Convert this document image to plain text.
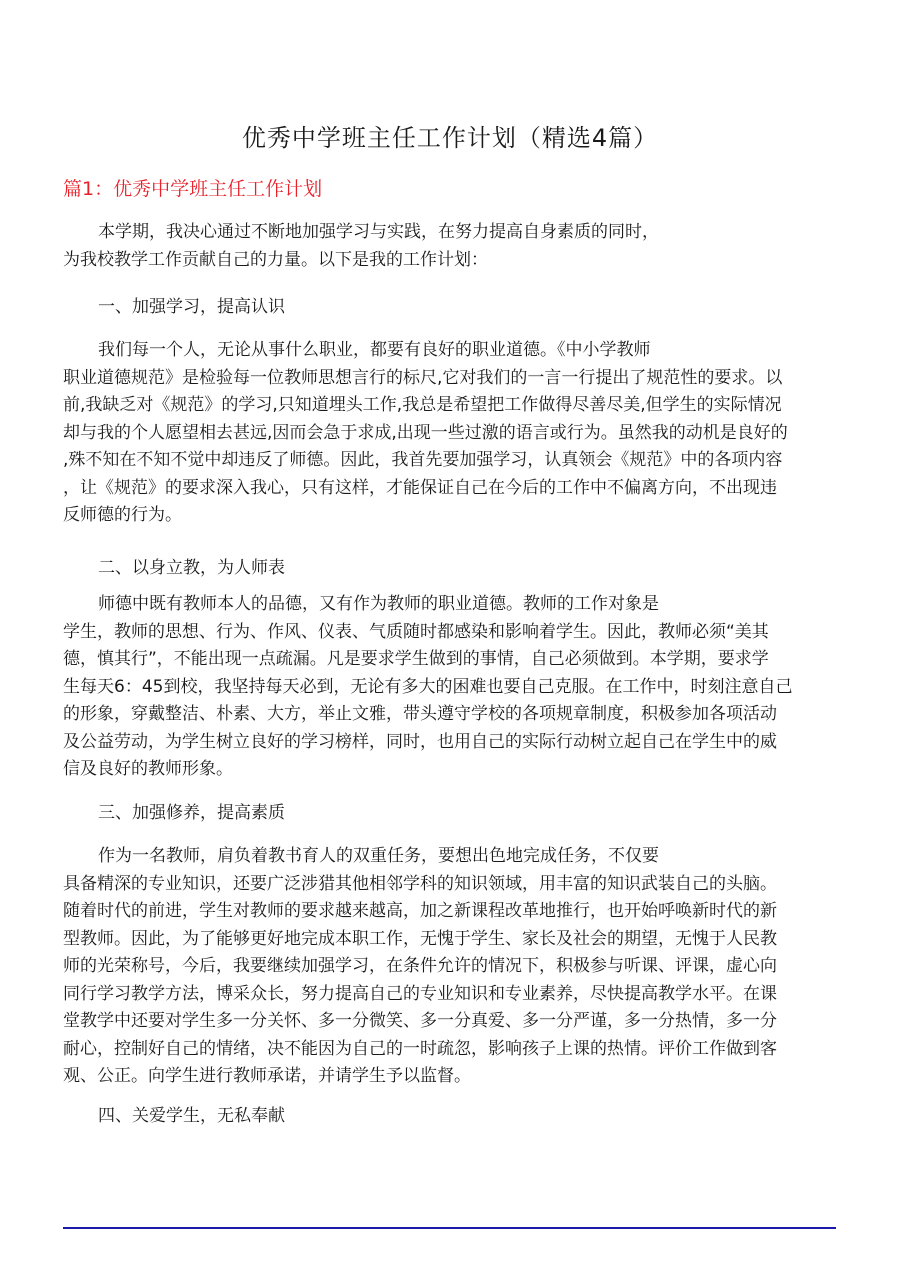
优秀中学班主任工作计划（精选4篇）
篇1：优秀中学班主任工作计划
本学期，我决心通过不断地加强学习与实践，在努力提高自身素质的同时，
为我校教学工作贡献自己的力量。以下是我的工作计划：
一、加强学习，提高认识
我们每一个人，无论从事什么职业，都要有良好的职业道德。《中小学教师
职业道德规范》是检验每一位教师思想言行的标尺,它对我们的一言一行提出了规范性的要求。以
前,我缺乏对《规范》的学习,只知道埋头工作,我总是希望把工作做得尽善尽美,但学生的实际情况
却与我的个人愿望相去甚远,因而会急于求成,出现一些过激的语言或行为。虽然我的动机是良好的
,殊不知在不知不觉中却违反了师德。因此，我首先要加强学习，认真领会《规范》中的各项内容
，让《规范》的要求深入我心，只有这样，才能保证自己在今后的工作中不偏离方向，不出现违
反师德的行为。
二、以身立教，为人师表
师德中既有教师本人的品德，又有作为教师的职业道德。教师的工作对象是
学生，教师的思想、行为、作风、仪表、气质随时都感染和影响着学生。因此，教师必须“美其
德，慎其行”，不能出现一点疏漏。凡是要求学生做到的事情，自己必须做到。本学期，要求学
生每天6：45到校，我坚持每天必到，无论有多大的困难也要自己克服。在工作中，时刻注意自己
的形象，穿戴整洁、朴素、大方，举止文雅，带头遵守学校的各项规章制度，积极参加各项活动
及公益劳动，为学生树立良好的学习榜样，同时，也用自己的实际行动树立起自己在学生中的威
信及良好的教师形象。
三、加强修养，提高素质
作为一名教师，肩负着教书育人的双重任务，要想出色地完成任务，不仅要
具备精深的专业知识，还要广泛涉猎其他相邻学科的知识领域，用丰富的知识武装自己的头脑。
随着时代的前进，学生对教师的要求越来越高，加之新课程改革地推行，也开始呼唤新时代的新
型教师。因此，为了能够更好地完成本职工作，无愧于学生、家长及社会的期望，无愧于人民教
师的光荣称号，今后，我要继续加强学习，在条件允许的情况下，积极参与听课、评课，虚心向
同行学习教学方法，博采众长，努力提高自己的专业知识和专业素养，尽快提高教学水平。在课
堂教学中还要对学生多一分关怀、多一分微笑、多一分真爱、多一分严谨，多一分热情，多一分
耐心，控制好自己的情绪，决不能因为自己的一时疏忽，影响孩子上课的热情。评价工作做到客
观、公正。向学生进行教师承诺，并请学生予以监督。
四、关爱学生，无私奉献
